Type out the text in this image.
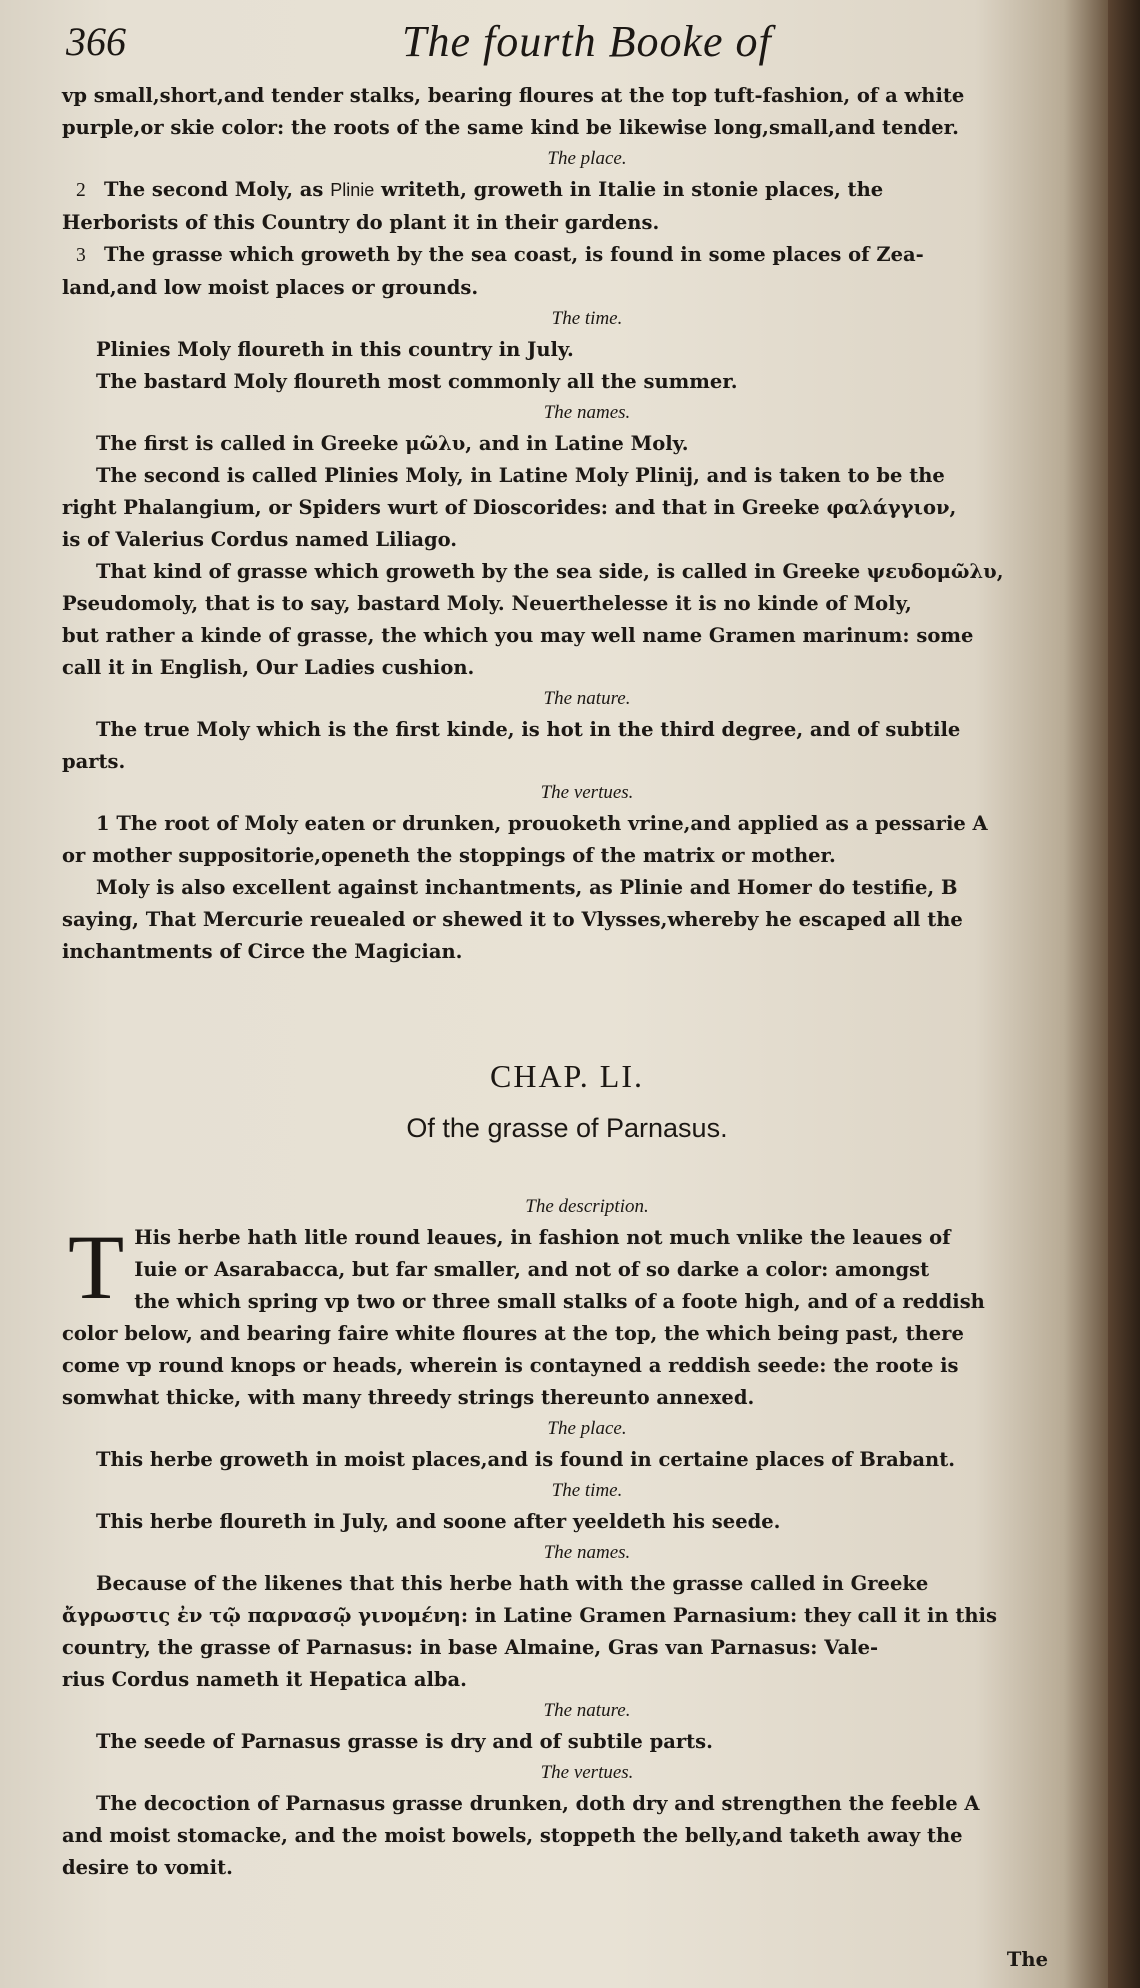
366	The fourth Booke of

vp small,short,and tender stalks, bearing floures at the top tuft-fashion, of a white

purple,or skie color: the roots of the same kind be likewise long,small,and tender.

The place.

2 The second Moly, as Plinie writeth, groweth in Italie in stonie places, the

Herborists of this Country do plant it in their gardens.

3 The grasse which groweth by the sea coast, is found in some places of Zea-

land,and low moist places or grounds.

The time.

Plinies Moly floureth in this country in July.

The bastard Moly floureth most commonly all the summer.

The names.

The first is called in Greeke μῶλυ, and in Latine Moly.

The second is called Plinies Moly, in Latine Moly Plinij, and is taken to be the

right Phalangium, or Spiders wurt of Dioscorides: and that in Greeke φαλάγγιον,

is of Valerius Cordus named Liliago.

That kind of grasse which groweth by the sea side, is called in Greeke ψευδομῶλυ,

Pseudomoly, that is to say, bastard Moly. Neuerthelesse it is no kinde of Moly,

but rather a kinde of grasse, the which you may well name Gramen marinum: some

call it in English, Our Ladies cushion.

The nature.

The true Moly which is the first kinde, is hot in the third degree, and of subtile

parts.

The vertues.

1 The root of Moly eaten or drunken, prouoketh vrine,and applied as a pessarie A

or mother suppositorie,openeth the stoppings of the matrix or mother.

Moly is also excellent against inchantments, as Plinie and Homer do testifie, B

saying, That Mercurie reuealed or shewed it to Vlysses,whereby he escaped all the

inchantments of Circe the Magician.

CHAP. LI.

Of the grasse of Parnasus.

The description.

T His herbe hath litle round leaues, in fashion not much vnlike the leaues of

Iuie or Asarabacca, but far smaller, and not of so darke a color: amongst

the which spring vp two or three small stalks of a foote high, and of a reddish

color below, and bearing faire white floures at the top, the which being past, there

come vp round knops or heads, wherein is contayned a reddish seede: the roote is

somwhat thicke, with many threedy strings thereunto annexed.

The place.

This herbe groweth in moist places,and is found in certaine places of Brabant.

The time.

This herbe floureth in July, and soone after yeeldeth his seede.

The names.

Because of the likenes that this herbe hath with the grasse called in Greeke

ἄγρωστις ἐν τῷ παρνασῷ γινομένη: in Latine Gramen Parnasium: they call it in this

country, the grasse of Parnasus: in base Almaine, Gras van Parnasus: Vale-

rius Cordus nameth it Hepatica alba.

The nature.

The seede of Parnasus grasse is dry and of subtile parts.

The vertues.

The decoction of Parnasus grasse drunken, doth dry and strengthen the feeble A

and moist stomacke, and the moist bowels, stoppeth the belly,and taketh away the

desire to vomit.

The
